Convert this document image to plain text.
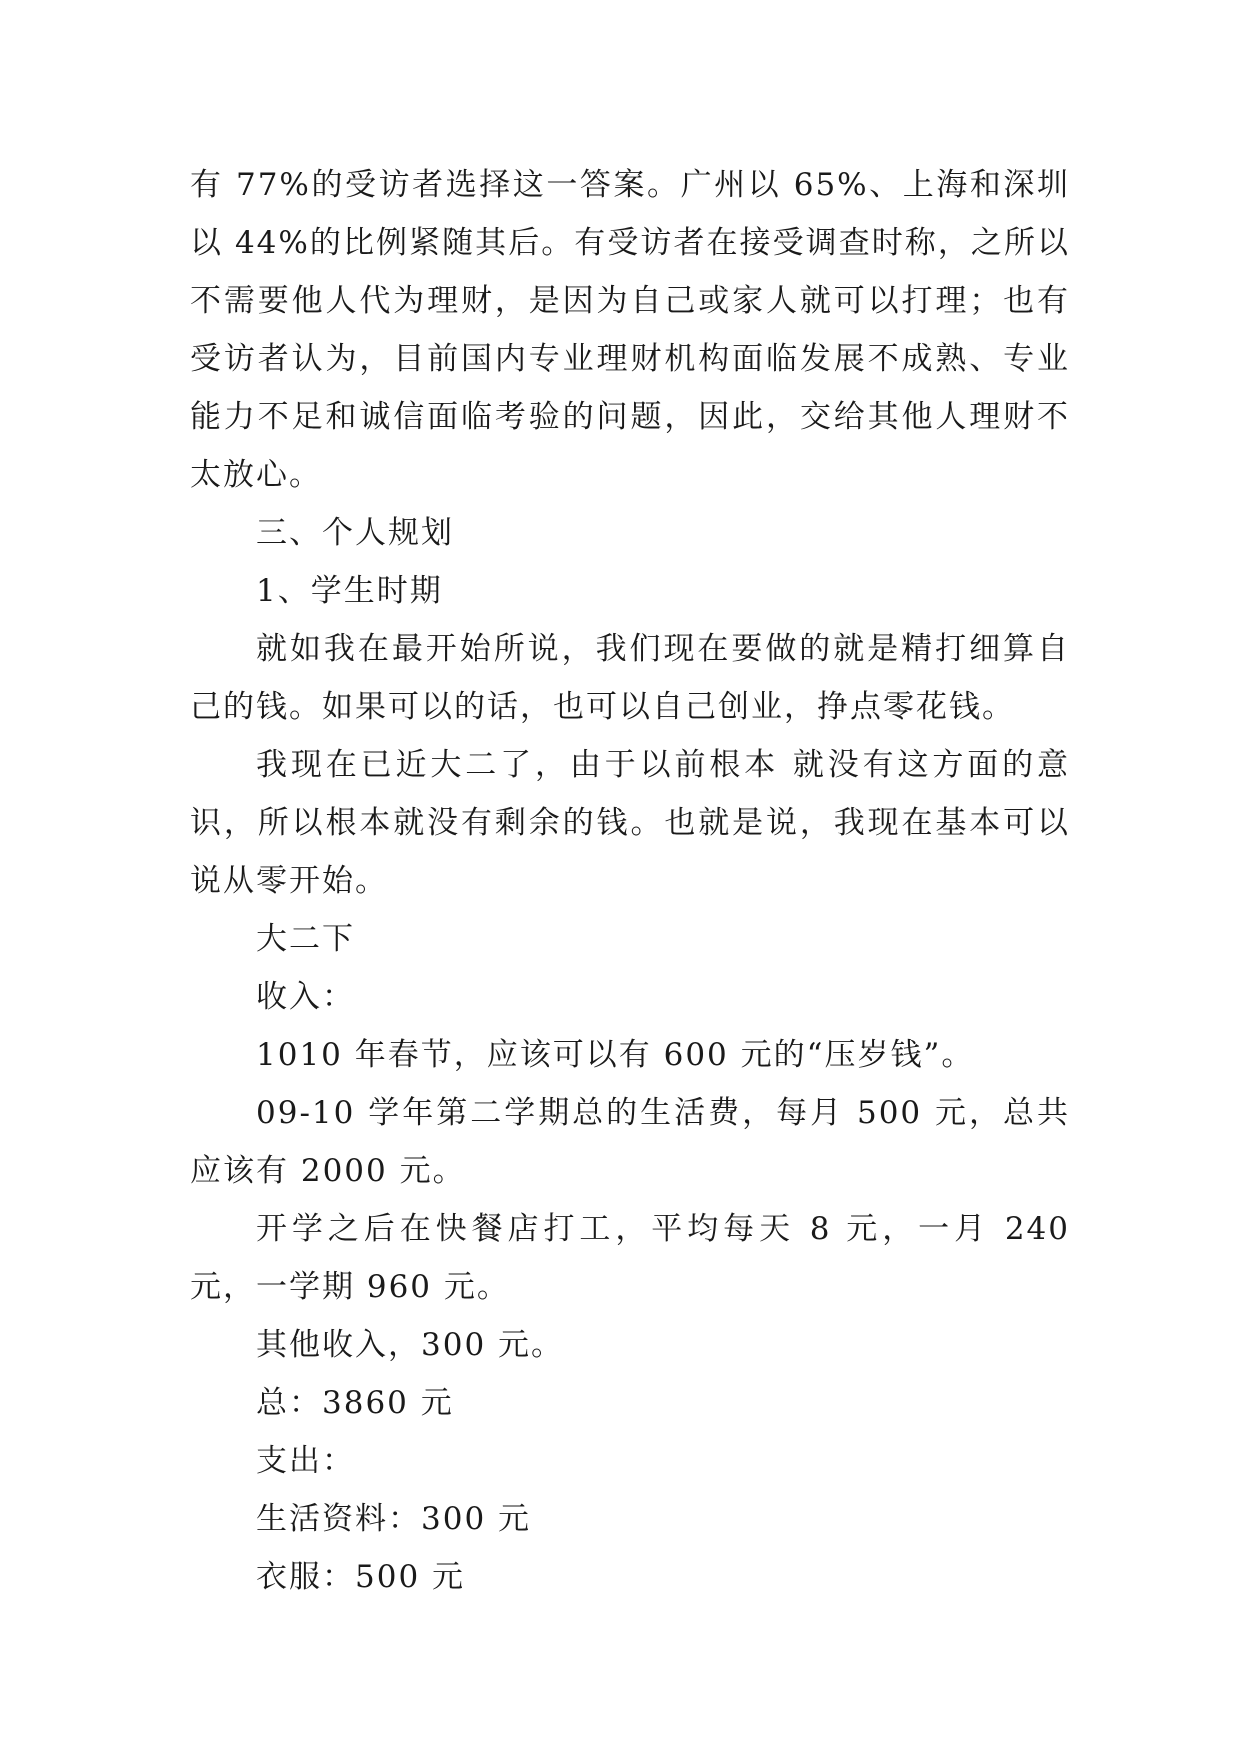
有 77%的受访者选择这一答案。广州以 65%、上海和深圳以 44%的比例紧随其后。有受访者在接受调查时称，之所以不需要他人代为理财，是因为自己或家人就可以打理；也有受访者认为，目前国内专业理财机构面临发展不成熟、专业能力不足和诚信面临考验的问题，因此，交给其他人理财不太放心。

三、个人规划

1、学生时期

就如我在最开始所说，我们现在要做的就是精打细算自己的钱。如果可以的话，也可以自己创业，挣点零花钱。

我现在已近大二了，由于以前根本 就没有这方面的意识，所以根本就没有剩余的钱。也就是说，我现在基本可以说从零开始。

大二下

收入：

1010 年春节，应该可以有 600 元的“压岁钱”。

09-10 学年第二学期总的生活费，每月 500 元，总共应该有 2000 元。

开学之后在快餐店打工，平均每天 8 元，一月 240 元，一学期 960 元。

其他收入，300 元。

总：3860 元

支出：

生活资料：300 元

衣服：500 元
